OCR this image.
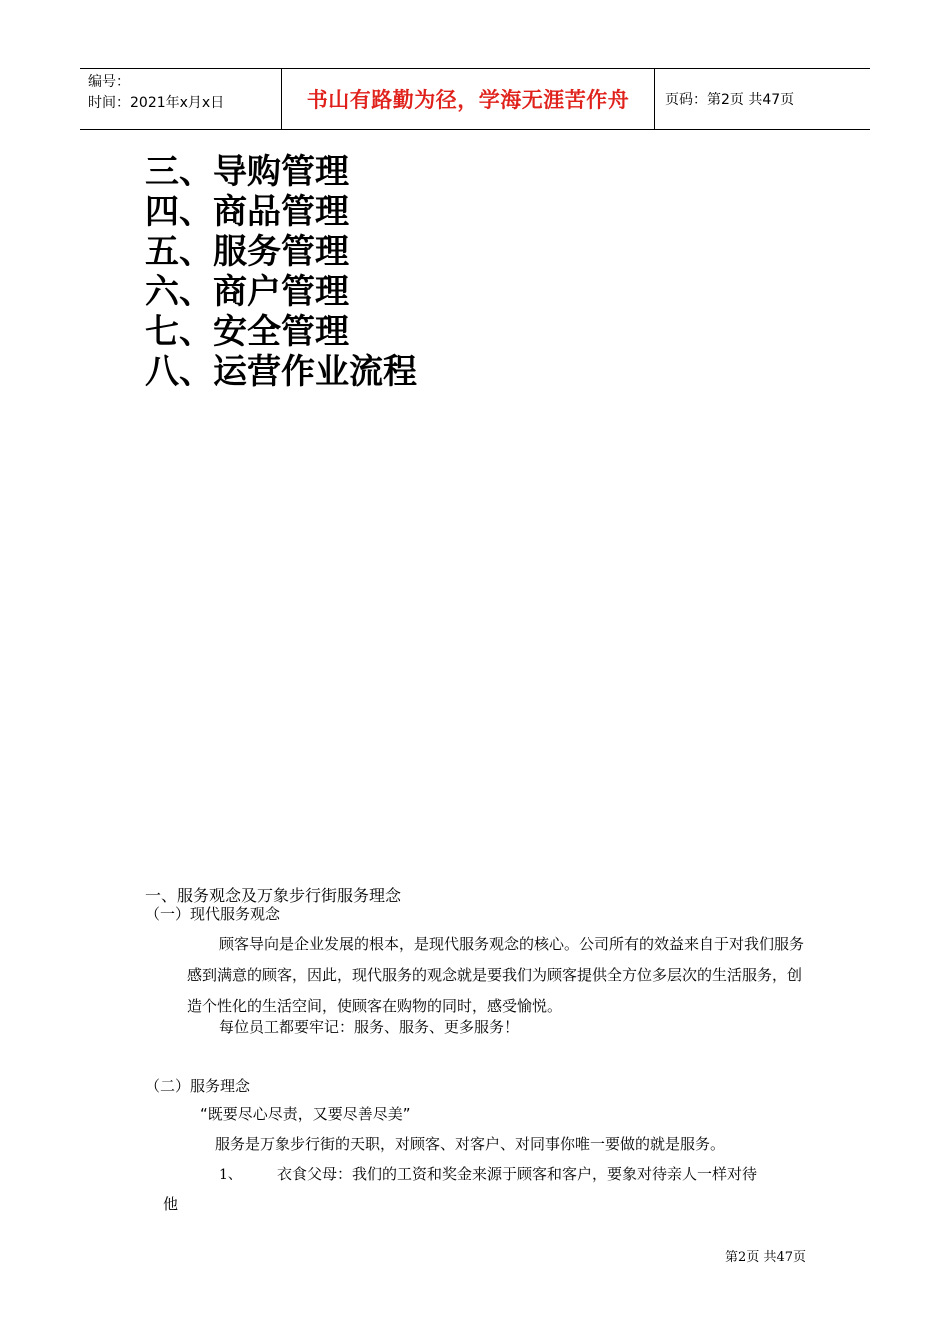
编号：
时间：2021年x月x日	书山有路勤为径，学海无涯苦作舟	页码：第2页 共47页
三、导购管理
四、商品管理
五、服务管理
六、商户管理
七、安全管理
八、运营作业流程
一、服务观念及万象步行街服务理念
（一）现代服务观念
顾客导向是企业发展的根本，是现代服务观念的核心。公司所有的效益来自于对我们服务感到满意的顾客，因此，现代服务的观念就是要我们为顾客提供全方位多层次的生活服务，创造个性化的生活空间，使顾客在购物的同时，感受愉悦。
每位员工都要牢记：服务、服务、更多服务！
（二）服务理念
“既要尽心尽责，又要尽善尽美”
服务是万象步行街的天职，对顾客、对客户、对同事你唯一要做的就是服务。
1、 衣食父母：我们的工资和奖金来源于顾客和客户，要象对待亲人一样对待
他
第2页 共47页
